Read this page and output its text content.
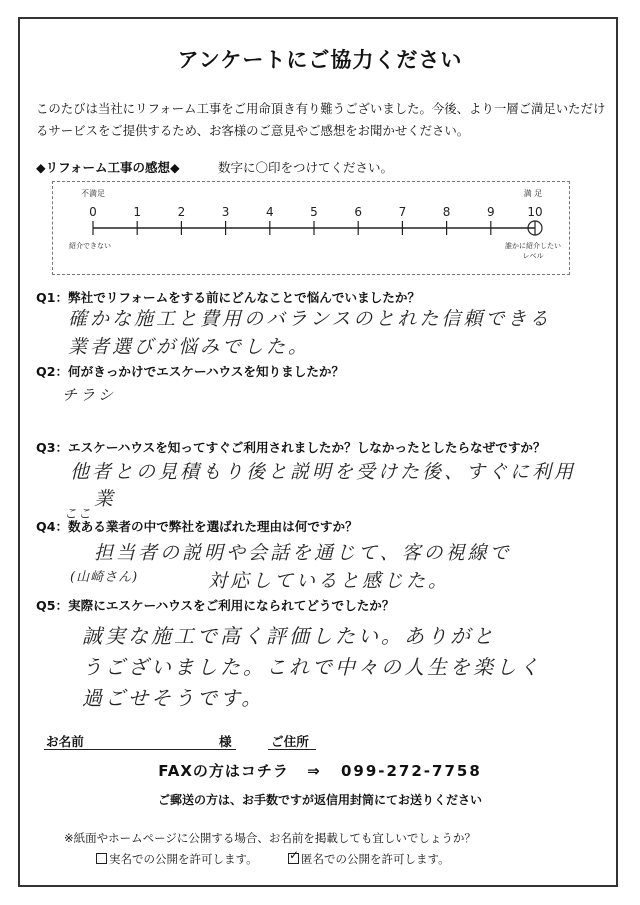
アンケートにご協力ください
このたびは当社にリフォーム工事をご用命頂き有り難うございました。今後、より一層ご満足いただけるサービスをご提供するため、お客様のご意見やご感想をお聞かせください。
◆リフォーム工事の感想◆	数字に〇印をつけてください。
0	1	2	3	4	5	6	7	8	9	10
不満足	満 足
紹介できない	誰かに紹介したい
レベル
Q1：弊社でリフォームをする前にどんなことで悩んでいましたか？
確かな施工と費用のバランスのとれた信頼できる
業者選びが悩みでした。
Q2：何がきっかけでエスケーハウスを知りましたか？
チラシ
Q3：エスケーハウスを知ってすぐご利用されましたか？しなかったとしたらなぜですか？
他者との見積もり後と説明を受けた後、すぐに利用
業
ここ
Q4：数ある業者の中で弊社を選ばれた理由は何ですか？
担当者の説明や会話を通じて、客の視線で
(山崎さん)	対応していると感じた。
Q5：実際にエスケーハウスをご利用になられてどうでしたか？
誠実な施工で高く評価したい。ありがと
うございました。これで中々の人生を楽しく
過ごせそうです。
お名前	様	ご住所
FAXの方はコチラ ⇒ 099-272-7758
ご郵送の方は、お手数ですが返信用封筒にてお送りください
※紙面やホームページに公開する場合、お名前を掲載しても宜しいでしょうか？
実名での公開を許可します。	✓ 匿名での公開を許可します。
